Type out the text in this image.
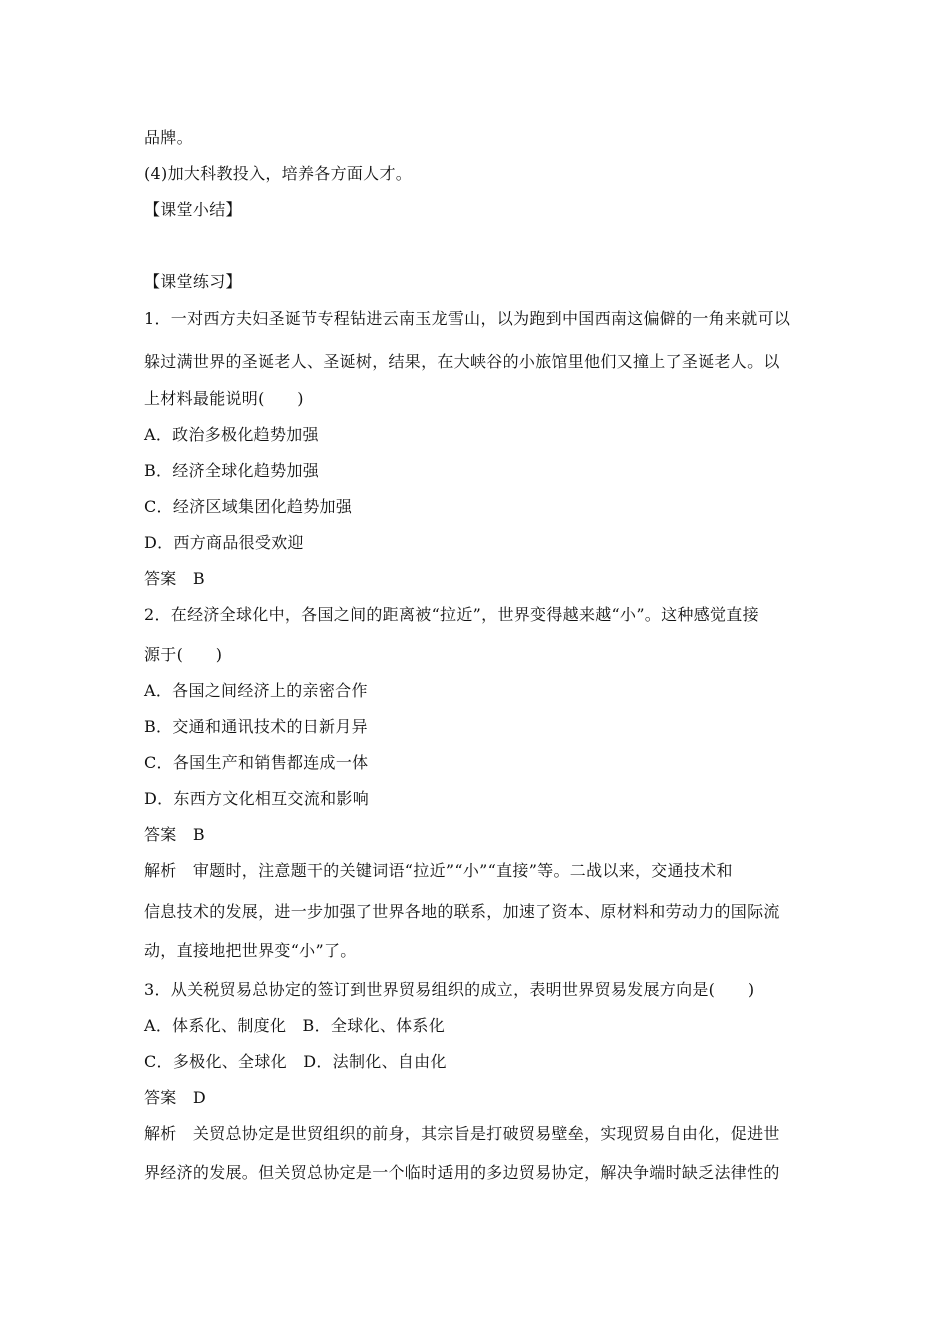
品牌。
(4)加大科教投入，培养各方面人才。
【课堂小结】
【课堂练习】
1．一对西方夫妇圣诞节专程钻进云南玉龙雪山，以为跑到中国西南这偏僻的一角来就可以
躲过满世界的圣诞老人、圣诞树，结果，在大峡谷的小旅馆里他们又撞上了圣诞老人。以
上材料最能说明(　　)
A．政治多极化趋势加强
B．经济全球化趋势加强
C．经济区域集团化趋势加强
D．西方商品很受欢迎
答案　B
2．在经济全球化中，各国之间的距离被“拉近”，世界变得越来越“小”。这种感觉直接
源于(　　)
A．各国之间经济上的亲密合作
B．交通和通讯技术的日新月异
C．各国生产和销售都连成一体
D．东西方文化相互交流和影响
答案　B
解析　审题时，注意题干的关键词语“拉近”“小”“直接”等。二战以来，交通技术和
信息技术的发展，进一步加强了世界各地的联系，加速了资本、原材料和劳动力的国际流
动，直接地把世界变“小”了。
3．从关税贸易总协定的签订到世界贸易组织的成立，表明世界贸易发展方向是(　　)
A．体系化、制度化　B．全球化、体系化
C．多极化、全球化　D．法制化、自由化
答案　D
解析　关贸总协定是世贸组织的前身，其宗旨是打破贸易壁垒，实现贸易自由化，促进世
界经济的发展。但关贸总协定是一个临时适用的多边贸易协定，解决争端时缺乏法律性的
